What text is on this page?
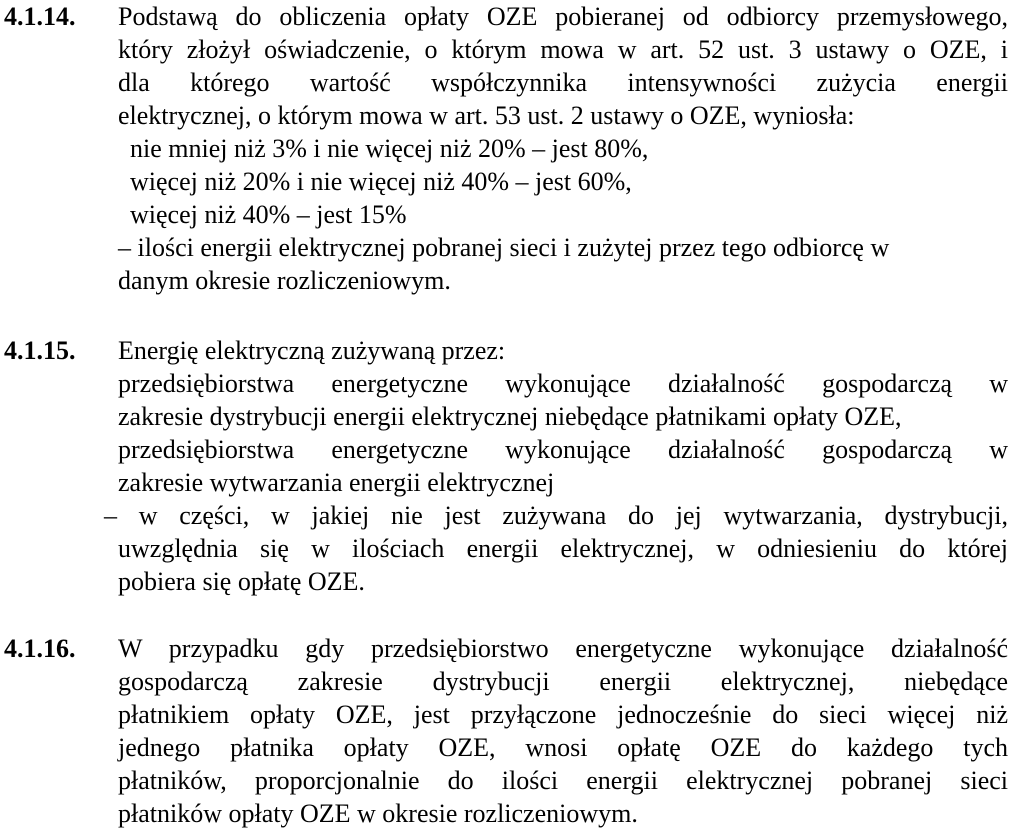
4.1.14. Podstawą do obliczenia opłaty OZE pobieranej od odbiorcy przemysłowego,
który złożył oświadczenie, o którym mowa w art. 52 ust. 3 ustawy o OZE, i
dla którego wartość współczynnika intensywności zużycia energii
elektrycznej, o którym mowa w art. 53 ust. 2 ustawy o OZE, wyniosła:
nie mniej niż 3% i nie więcej niż 20% – jest 80%,
więcej niż 20% i nie więcej niż 40% – jest 60%,
więcej niż 40% – jest 15%
– ilości energii elektrycznej pobranej sieci i zużytej przez tego odbiorcę w
danym okresie rozliczeniowym.
4.1.15. Energię elektryczną zużywaną przez:
przedsiębiorstwa energetyczne wykonujące działalność gospodarczą w
zakresie dystrybucji energii elektrycznej niebędące płatnikami opłaty OZE,
przedsiębiorstwa energetyczne wykonujące działalność gospodarczą w
zakresie wytwarzania energii elektrycznej
– w części, w jakiej nie jest zużywana do jej wytwarzania, dystrybucji,
uwzględnia się w ilościach energii elektrycznej, w odniesieniu do której
pobiera się opłatę OZE.
4.1.16. W przypadku gdy przedsiębiorstwo energetyczne wykonujące działalność
gospodarczą zakresie dystrybucji energii elektrycznej, niebędące
płatnikiem opłaty OZE, jest przyłączone jednocześnie do sieci więcej niż
jednego płatnika opłaty OZE, wnosi opłatę OZE do każdego tych
płatników, proporcjonalnie do ilości energii elektrycznej pobranej sieci
płatników opłaty OZE w okresie rozliczeniowym.
